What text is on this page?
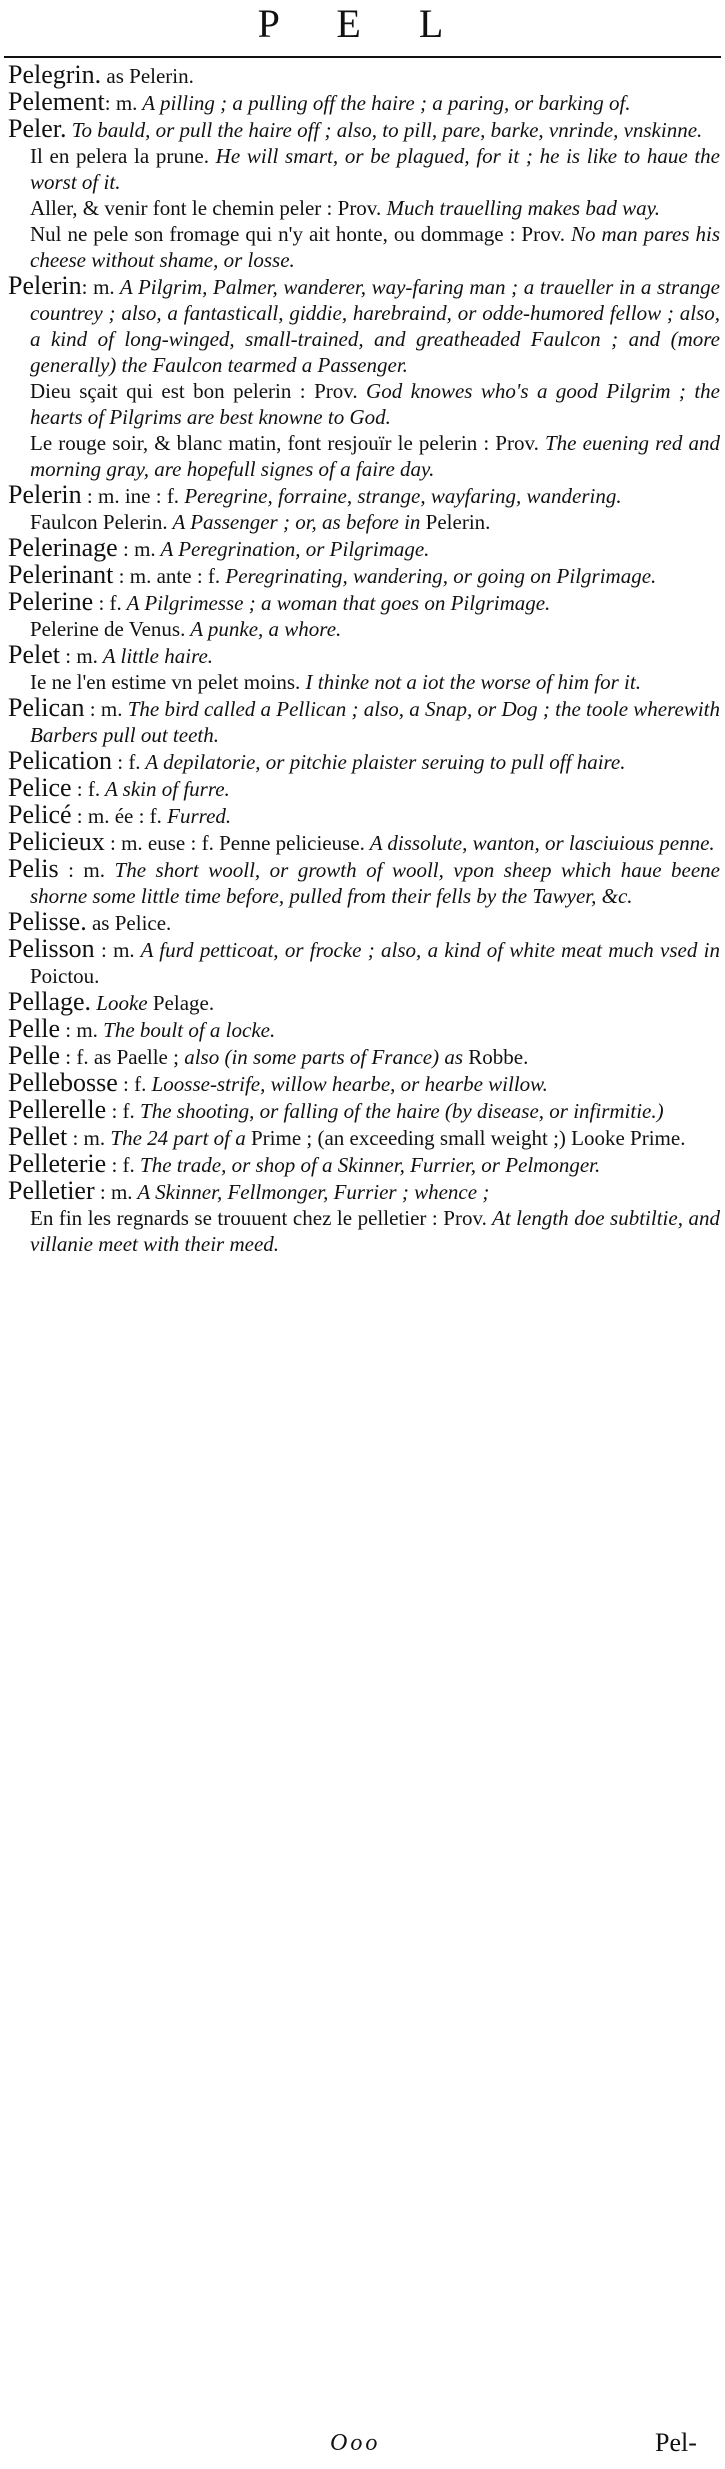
P E L
Pelegrin. as Pelerin.
Pelement: m. A pilling ; a pulling off the haire ; a paring, or barking of.
Peler. To bauld, or pull the haire off ; also, to pill, pare, barke, vnrinde, vnskinne.
Il en pelera la prune. He will smart, or be plagued, for it ; he is like to haue the worst of it.
Aller, & venir font le chemin peler : Prov. Much trauelling makes bad way.
Nul ne pele son fromage qui n'y ait honte, ou dommage : Prov. No man pares his cheese without shame, or losse.
Pelerin: m. A Pilgrim, Palmer, wanderer, way-faring man ; a traueller in a strange countrey ; also, a fantasticall, giddie, harebraind, or odde-humored fellow ; also, a kind of long-winged, small-trained, and greatheaded Faulcon ; and (more generally) the Faulcon tearmed a Passenger.
Dieu sçait qui est bon pelerin : Prov. God knowes who's a good Pilgrim ; the hearts of Pilgrims are best knowne to God.
Le rouge soir, & blanc matin, font resjouïr le pelerin : Prov. The euening red and morning gray, are hopefull signes of a faire day.
Pelerin : m. ine : f. Peregrine, forraine, strange, wayfaring, wandering.
Faulcon Pelerin. A Passenger ; or, as before in Pelerin.
Pelerinage : m. A Peregrination, or Pilgrimage.
Pelerinant : m. ante : f. Peregrinating, wandering, or going on Pilgrimage.
Pelerine : f. A Pilgrimesse ; a woman that goes on Pilgrimage.
Pelerine de Venus. A punke, a whore.
Pelet : m. A little haire.
Ie ne l'en estime vn pelet moins. I thinke not a iot the worse of him for it.
Pelican : m. The bird called a Pellican ; also, a Snap, or Dog ; the toole wherewith Barbers pull out teeth.
Pelication : f. A depilatorie, or pitchie plaister seruing to pull off haire.
Pelice : f. A skin of furre.
Pelicé : m. ée : f. Furred.
Pelicieux : m. euse : f. Penne pelicieuse. A dissolute, wanton, or lasciuious penne.
Pelis : m. The short wooll, or growth of wooll, vpon sheep which haue beene shorne some little time before, pulled from their fells by the Tawyer, &c.
Pelisse. as Pelice.
Pelisson : m. A furd petticoat, or frocke ; also, a kind of white meat much vsed in Poictou.
Pellage. Looke Pelage.
Pelle : m. The boult of a locke.
Pelle : f. as Paelle ; also (in some parts of France) as Robbe.
Pellebosse : f. Loosse-strife, willow hearbe, or hearbe willow.
Pellerelle : f. The shooting, or falling of the haire (by disease, or infirmitie.)
Pellet : m. The 24 part of a Prime ; (an exceeding small weight ;) Looke Prime.
Pelleterie : f. The trade, or shop of a Skinner, Furrier, or Pelmonger.
Pelletier : m. A Skinner, Fellmonger, Furrier ; whence ;
En fin les regnards se trouuent chez le pelletier : Prov. At length doe subtiltie, and villanie meet with their meed.
Ooo	Pel-
